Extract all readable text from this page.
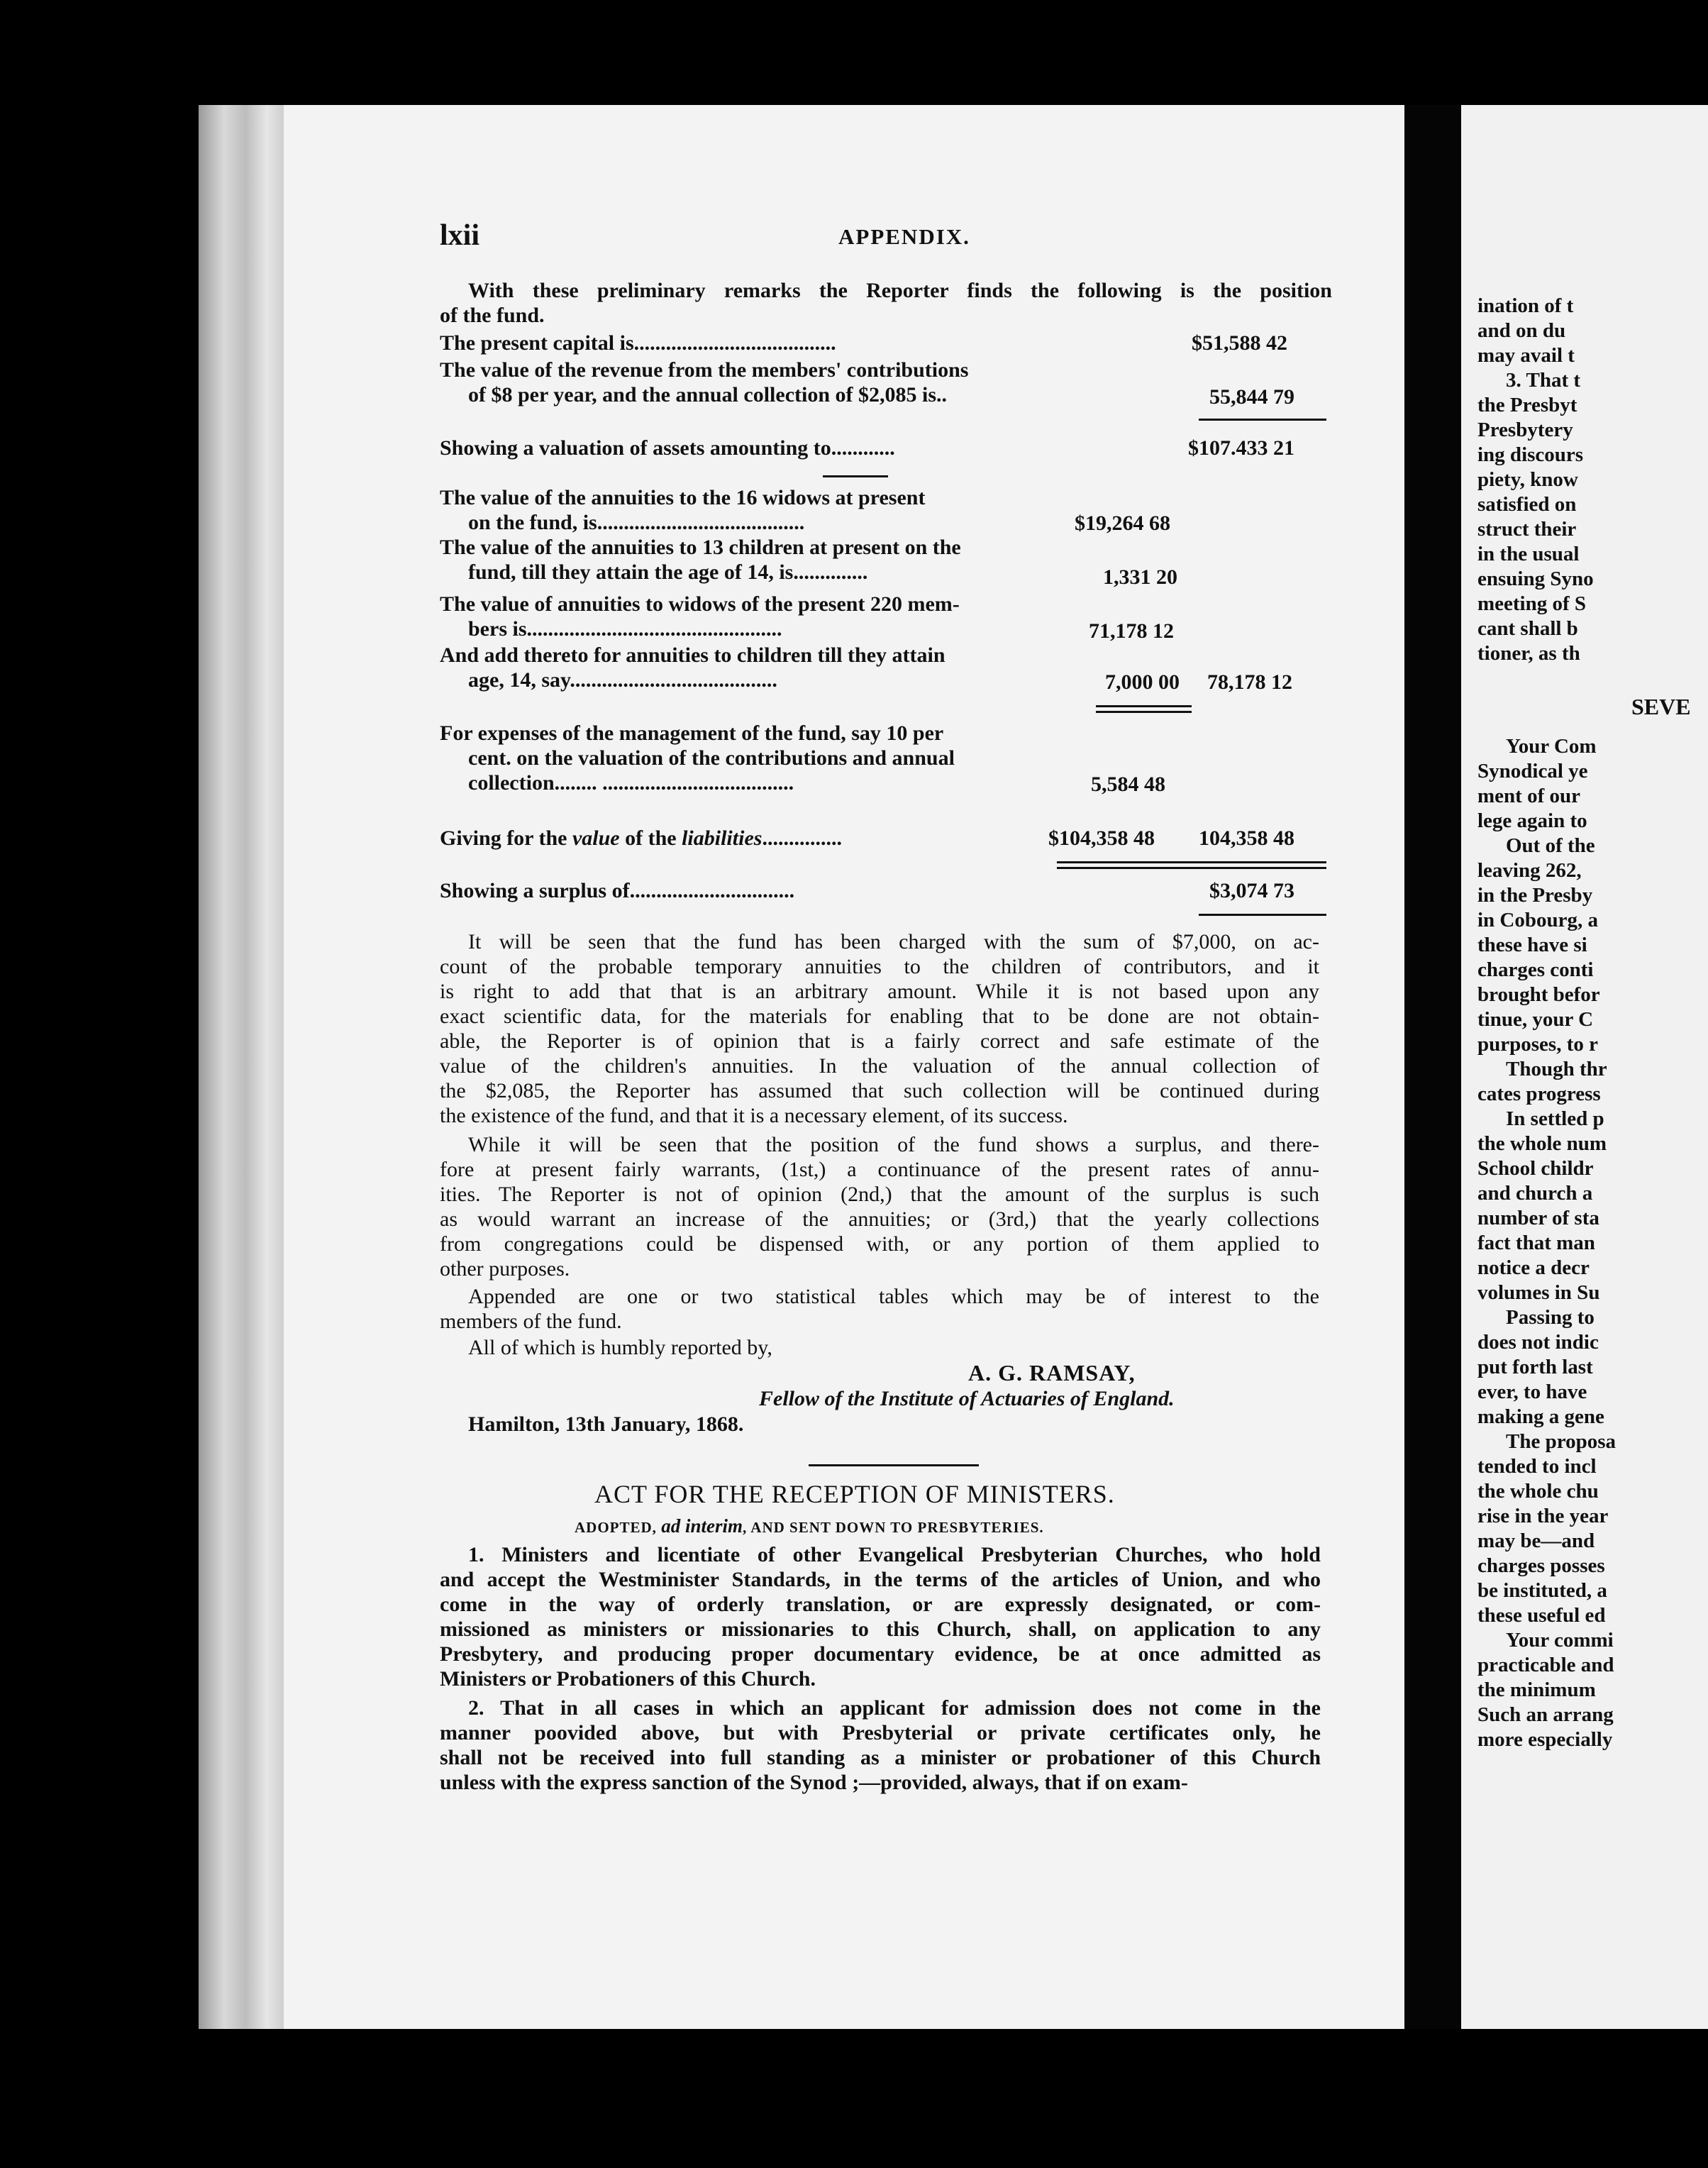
lxii	APPENDIX.
With these preliminary remarks the Reporter finds the following is the position
of the fund.
The present capital is......................................	$51,588 42
The value of the revenue from the members' contributions
of $8 per year, and the annual collection of $2,085 is..	55,844 79
Showing a valuation of assets amounting to............	$107.433 21
The value of the annuities to the 16 widows at present
on the fund, is.......................................	$19,264 68
The value of the annuities to 13 children at present on the
fund, till they attain the age of 14, is..............	1,331 20
The value of annuities to widows of the present 220 mem-
bers is................................................	71,178 12
And add thereto for annuities to children till they attain
age, 14, say.......................................	7,000 00 78,178 12
For expenses of the management of the fund, say 10 per
cent. on the valuation of the contributions and annual
collection........ ....................................	5,584 48
Giving for the value of the liabilities...............	$104,358 48 104,358 48
Showing a surplus of...............................	$3,074 73
It will be seen that the fund has been charged with the sum of $7,000, on ac-
count of the probable temporary annuities to the children of contributors, and it
is right to add that that is an arbitrary amount. While it is not based upon any
exact scientific data, for the materials for enabling that to be done are not obtain-
able, the Reporter is of opinion that is a fairly correct and safe estimate of the
value of the children's annuities. In the valuation of the annual collection of
the $2,085, the Reporter has assumed that such collection will be continued during
the existence of the fund, and that it is a necessary element, of its success.
While it will be seen that the position of the fund shows a surplus, and there-
fore at present fairly warrants, (1st,) a continuance of the present rates of annu-
ities. The Reporter is not of opinion (2nd,) that the amount of the surplus is such
as would warrant an increase of the annuities; or (3rd,) that the yearly collections
from congregations could be dispensed with, or any portion of them applied to
other purposes.
Appended are one or two statistical tables which may be of interest to the
members of the fund.
All of which is humbly reported by,
A. G. RAMSAY,
Fellow of the Institute of Actuaries of England.
Hamilton, 13th January, 1868.
ACT FOR THE RECEPTION OF MINISTERS.
ADOPTED, ad interim, AND SENT DOWN TO PRESBYTERIES.
1. Ministers and licentiate of other Evangelical Presbyterian Churches, who hold
and accept the Westminister Standards, in the terms of the articles of Union, and who
come in the way of orderly translation, or are expressly designated, or com-
missioned as ministers or missionaries to this Church, shall, on application to any
Presbytery, and producing proper documentary evidence, be at once admitted as
Ministers or Probationers of this Church.
2. That in all cases in which an applicant for admission does not come in the
manner poovided above, but with Presbyterial or private certificates only, he
shall not be received into full standing as a minister or probationer of this Church
unless with the express sanction of the Synod ;—provided, always, that if on exam-
ination of t
and on du
may avail t
3. That t
the Presbyt
Presbytery
ing discours
piety, know
satisfied on
struct their
in the usual
ensuing Syno
meeting of S
cant shall b
tioner, as th
SEVE
Your Com
Synodical ye
ment of our
lege again to
Out of the
leaving 262,
in the Presby
in Cobourg, a
these have si
charges conti
brought befor
tinue, your C
purposes, to r
Though thr
cates progress
In settled p
the whole num
School childr
and church a
number of sta
fact that man
notice a decr
volumes in Su
Passing to
does not indic
put forth last
ever, to have
making a gene
The proposa
tended to incl
the whole chu
rise in the year
may be—and
charges posses
be instituted, a
these useful ed
Your commi
practicable and
the minimum
Such an arrang
more especially
